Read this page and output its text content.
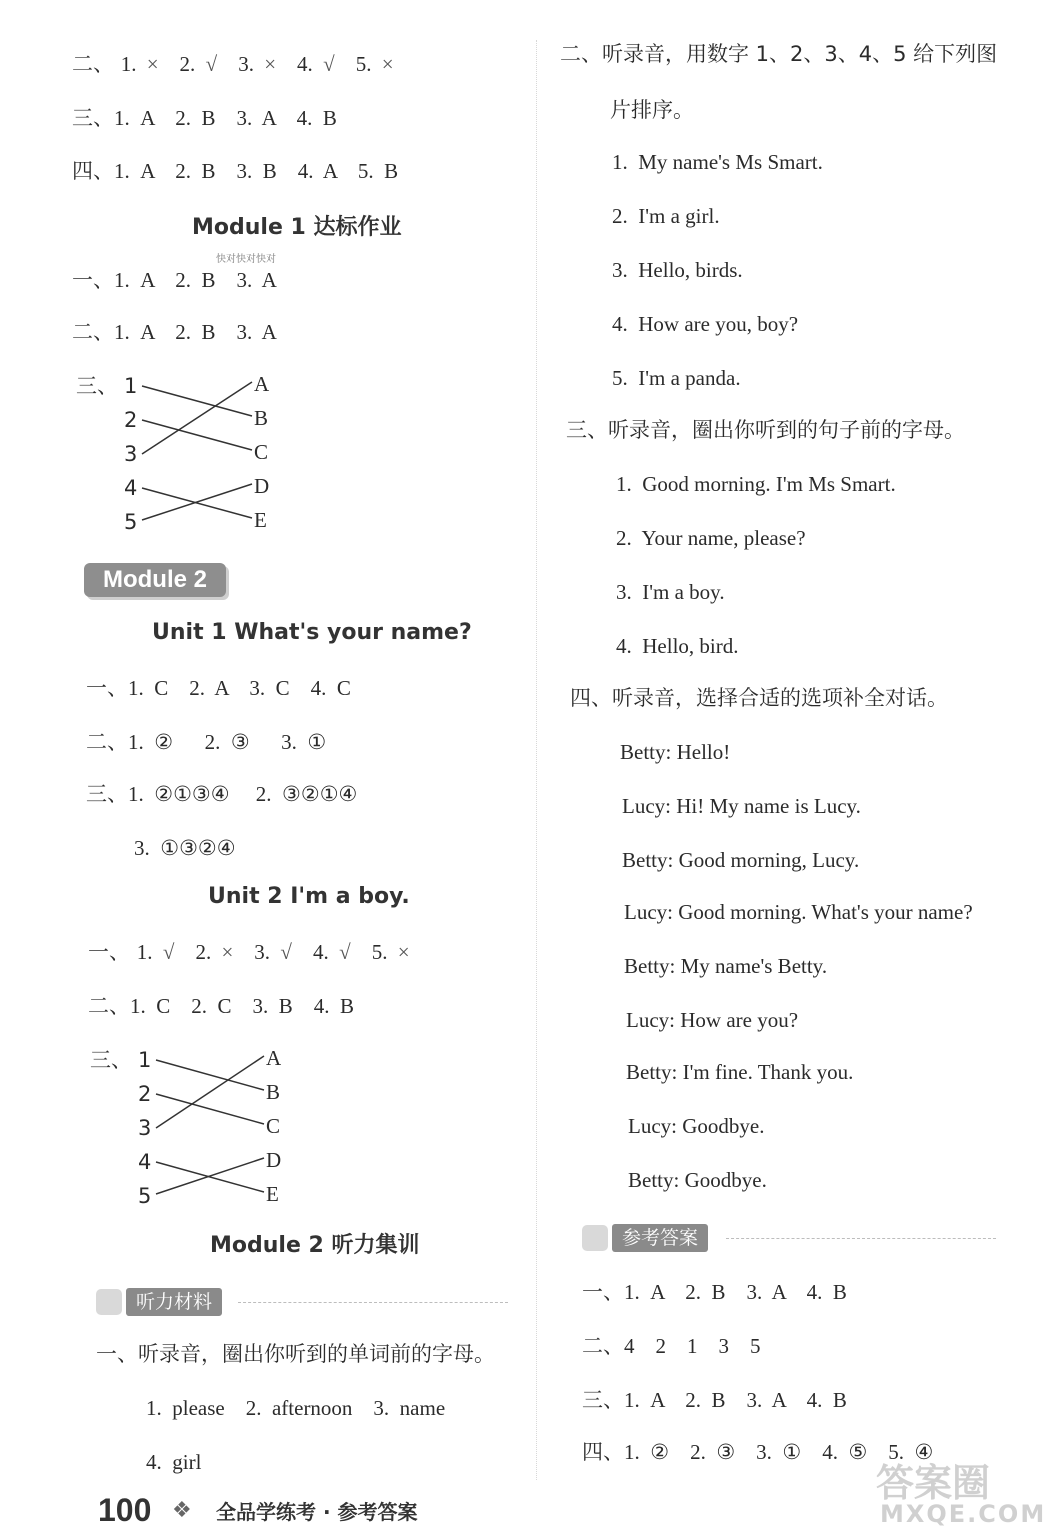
二、 1. × 2. √ 3. × 4. √ 5. ×
三、1.  A    2.  B    3.  A    4.  B
四、1.  A    2.  B    3.  B    4.  A    5.  B
Module 1 达标作业
快对快对快对
一、1.  A    2.  B    3.  A
二、1.  A    2.  B    3.  A
三、 1
2
3
4
5
A
B
C
D
E
Module 2
Unit 1 What's your name?
一、1.  C    2.  A    3.  C    4.  C
二、1.  ②      2.  ③      3.  ①
三、1.  ②①③④     2.  ③②①④
3.  ①③②④
Unit 2 I'm a boy.
一、 1. √ 2. × 3. √ 4. √ 5. ×
二、1.  C    2.  C    3.  B    4.  B
三、 1
2
3
4
5
A
B
C
D
E
Module 2 听力集训
听力材料
一、听录音，圈出你听到的单词前的字母。
1.  please    2.  afternoon    3.  name
4.  girl
二、听录音，用数字 1、2、3、4、5 给下列图
片排序。
1.  My name's Ms Smart.
2.  I'm a girl.
3.  Hello, birds.
4.  How are you, boy?
5.  I'm a panda.
三、听录音，圈出你听到的句子前的字母。
1.  Good morning. I'm Ms Smart.
2.  Your name, please?
3.  I'm a boy.
4.  Hello, bird.
四、听录音，选择合适的选项补全对话。
Betty: Hello!
Lucy: Hi! My name is Lucy.
Betty: Good morning, Lucy.
Lucy: Good morning. What's your name?
Betty: My name's Betty.
Lucy: How are you?
Betty: I'm fine. Thank you.
Lucy: Goodbye.
Betty: Goodbye.
参考答案
一、1.  A    2.  B    3.  A    4.  B
二、4    2    1    3    5
三、1.  A    2.  B    3.  A    4.  B
四、1.  ②    2.  ③    3.  ①    4.  ⑤    5.  ④
100 ❖ 全品学练考 · 参考答案
答案圈
MXQE.COM
